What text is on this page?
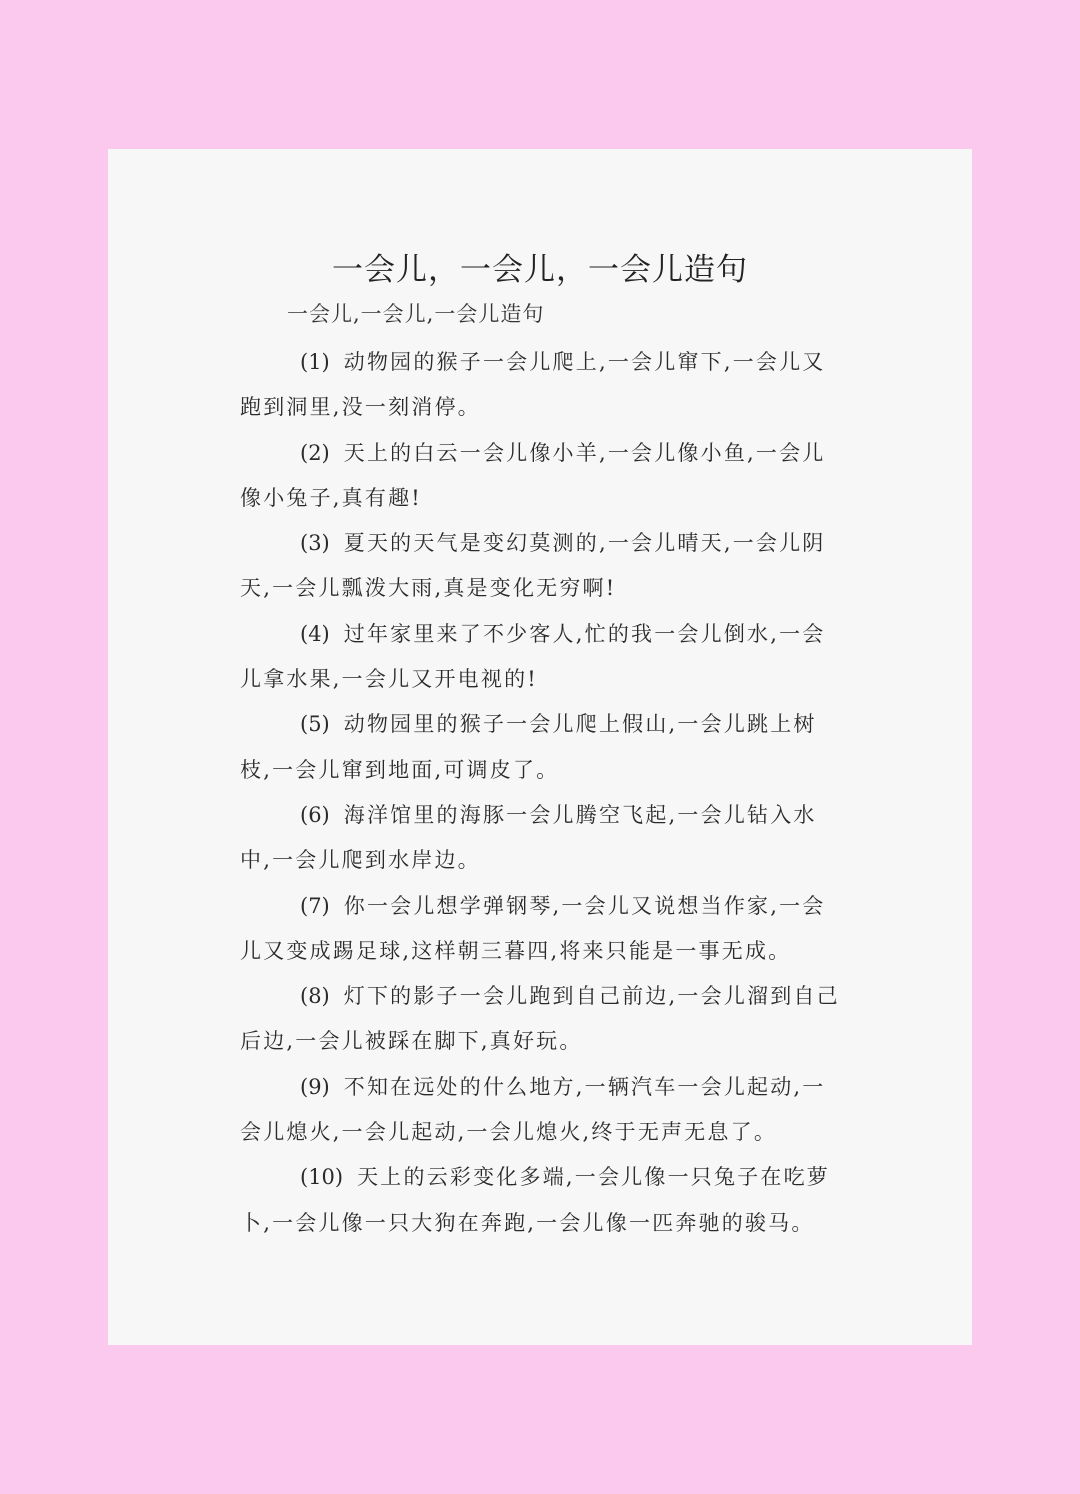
一会儿，一会儿，一会儿造句
一会儿,一会儿,一会儿造句
(1) 动物园的猴子一会儿爬上,一会儿窜下,一会儿又跑到洞里,没一刻消停。
(2) 天上的白云一会儿像小羊,一会儿像小鱼,一会儿像小兔子,真有趣!
(3) 夏天的天气是变幻莫测的,一会儿晴天,一会儿阴天,一会儿瓢泼大雨,真是变化无穷啊!
(4) 过年家里来了不少客人,忙的我一会儿倒水,一会儿拿水果,一会儿又开电视的!
(5) 动物园里的猴子一会儿爬上假山,一会儿跳上树枝,一会儿窜到地面,可调皮了。
(6) 海洋馆里的海豚一会儿腾空飞起,一会儿钻入水中,一会儿爬到水岸边。
(7) 你一会儿想学弹钢琴,一会儿又说想当作家,一会儿又变成踢足球,这样朝三暮四,将来只能是一事无成。
(8) 灯下的影子一会儿跑到自己前边,一会儿溜到自己后边,一会儿被踩在脚下,真好玩。
(9) 不知在远处的什么地方,一辆汽车一会儿起动,一会儿熄火,一会儿起动,一会儿熄火,终于无声无息了。
(10) 天上的云彩变化多端,一会儿像一只兔子在吃萝卜,一会儿像一只大狗在奔跑,一会儿像一匹奔驰的骏马。
